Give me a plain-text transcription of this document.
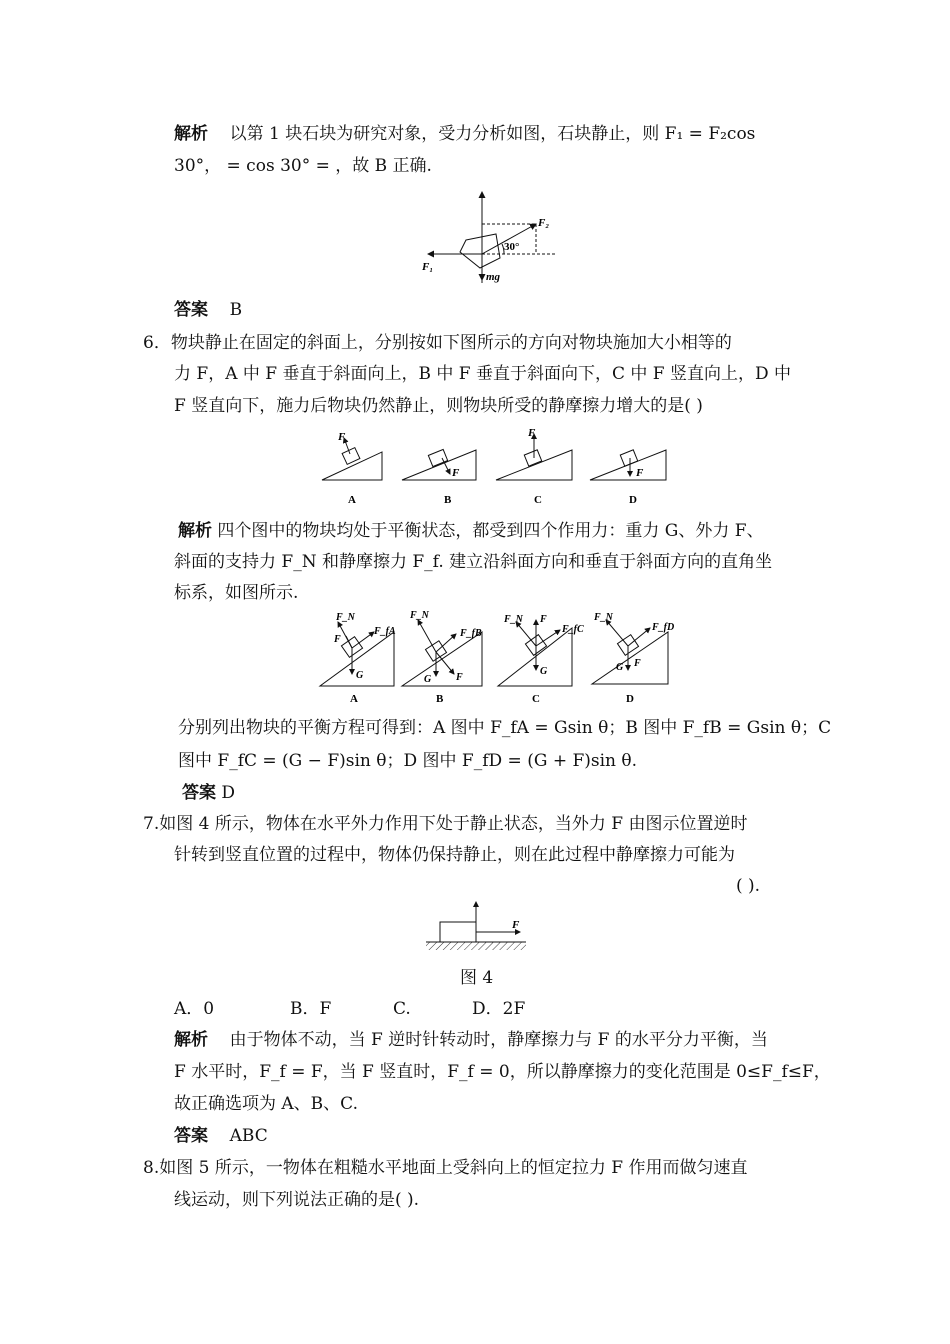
解析 以第 1 块石块为研究对象，受力分析如图，石块静止，则 F₁ = F₂cos
30°， = cos 30° = ，故 B 正确.
30°
F₂
F₁
mg
答案 B
6．物块静止在固定的斜面上，分别按如下图所示的方向对物块施加大小相等的
力 F，A 中 F 垂直于斜面向上，B 中 F 垂直于斜面向下，C 中 F 竖直向上，D 中
F 竖直向下，施力后物块仍然静止，则物块所受的静摩擦力增大的是( )
F
A
F
B
F
C
F
D
解析 四个图中的物块均处于平衡状态，都受到四个作用力：重力 G、外力 F、
斜面的支持力 F_N 和静摩擦力 F_f. 建立沿斜面方向和垂直于斜面方向的直角坐
标系，如图所示.
F_N
F
F_fA
G
A
F_N
F_fB
G F
B
F_N F
F_fC
G
C
F_N
F_fD
G F
D
分别列出物块的平衡方程可得到：A 图中 F_fA = Gsin θ；B 图中 F_fB = Gsin θ；C
图中 F_fC = (G − F)sin θ；D 图中 F_fD = (G + F)sin θ.
答案 D
7.如图 4 所示，物体在水平外力作用下处于静止状态，当外力 F 由图示位置逆时
针转到竖直位置的过程中，物体仍保持静止，则在此过程中静摩擦力可能为
( ).
F
图 4
A．0	B．F	C.	D．2F
解析 由于物体不动，当 F 逆时针转动时，静摩擦力与 F 的水平分力平衡，当
F 水平时，F_f = F，当 F 竖直时，F_f = 0，所以静摩擦力的变化范围是 0≤F_f≤F，
故正确选项为 A、B、C.
答案 ABC
8.如图 5 所示，一物体在粗糙水平地面上受斜向上的恒定拉力 F 作用而做匀速直
线运动，则下列说法正确的是( ).
